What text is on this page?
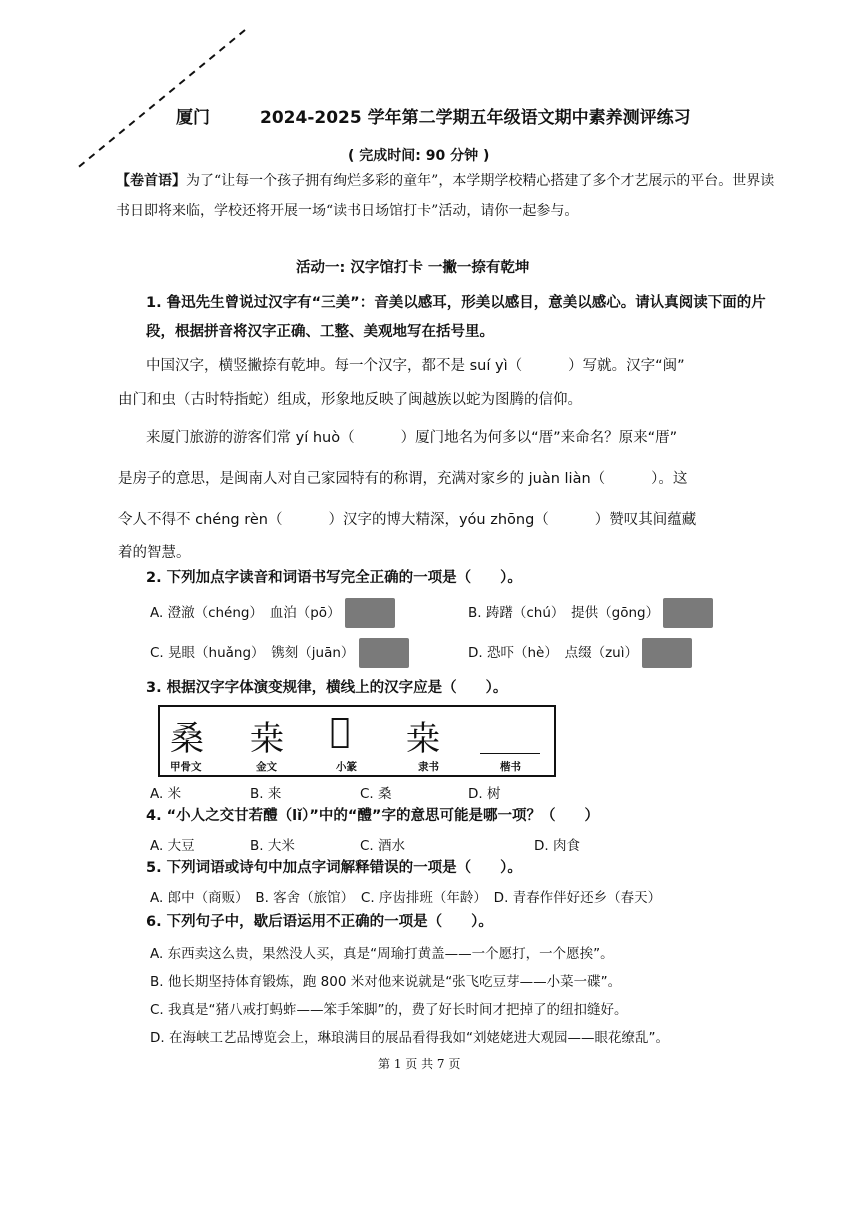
厦门	2024-2025 学年第二学期五年级语文期中素养测评练习
( 完成时间: 90 分钟 )
【卷首语】为了“让每一个孩子拥有绚烂多彩的童年”，本学期学校精心搭建了多个才艺展示的平台。世界读书日即将来临，学校还将开展一场“读书日场馆打卡”活动，请你一起参与。
活动一: 汉字馆打卡 一撇一捺有乾坤
1. 鲁迅先生曾说过汉字有“三美”：音美以感耳，形美以感目，意美以感心。请认真阅读下面的片段，根据拼音将汉字正确、工整、美观地写在括号里。
中国汉字，横竖撇捺有乾坤。每一个汉字，都不是 suí yì（	）写就。汉字“闽”
由门和虫（古时特指蛇）组成，形象地反映了闽越族以蛇为图腾的信仰。
来厦门旅游的游客们常 yí huò（	）厦门地名为何多以“厝”来命名？原来“厝”
是房子的意思，是闽南人对自己家园特有的称谓，充满对家乡的 juàn liàn（	）。这
令人不得不 chéng rèn（	）汉字的博大精深，yóu zhōng（	）赞叹其间蕴藏
着的智慧。
2. 下列加点字读音和词语书写完全正确的一项是（　　）。
A. 澄澈（chéng）　血泊（pō）	B. 踌躇（chú）　提供（gōng）
C. 晃眼（huǎng）　镌刻（juān）	D. 恐吓（hè）　点缀（zuì）
3. 根据汉字字体演变规律，横线上的汉字应是（　　）。
桑 桒 𣜼 桒
甲骨文	金文	小篆	隶书	楷书
A. 米	B. 来	C. 桑	D. 树
4. “小人之交甘若醴（lǐ）”中的“醴”字的意思可能是哪一项？（　　）
A. 大豆	B. 大米	C. 酒水	D. 肉食
5. 下列词语或诗句中加点字词解释错误的一项是（　　）。
A. 郎中（商贩）　B. 客舍（旅馆）　C. 序齿排班（年龄）　D. 青春作伴好还乡（春天）
6. 下列句子中，歇后语运用不正确的一项是（　　）。
A. 东西卖这么贵，果然没人买，真是“周瑜打黄盖——一个愿打，一个愿挨”。
B. 他长期坚持体育锻炼，跑 800 米对他来说就是“张飞吃豆芽——小菜一碟”。
C. 我真是“猪八戒打蚂蚱——笨手笨脚”的，费了好长时间才把掉了的纽扣缝好。
D. 在海峡工艺品博览会上，琳琅满目的展品看得我如“刘姥姥进大观园——眼花缭乱”。
第 1 页 共 7 页
